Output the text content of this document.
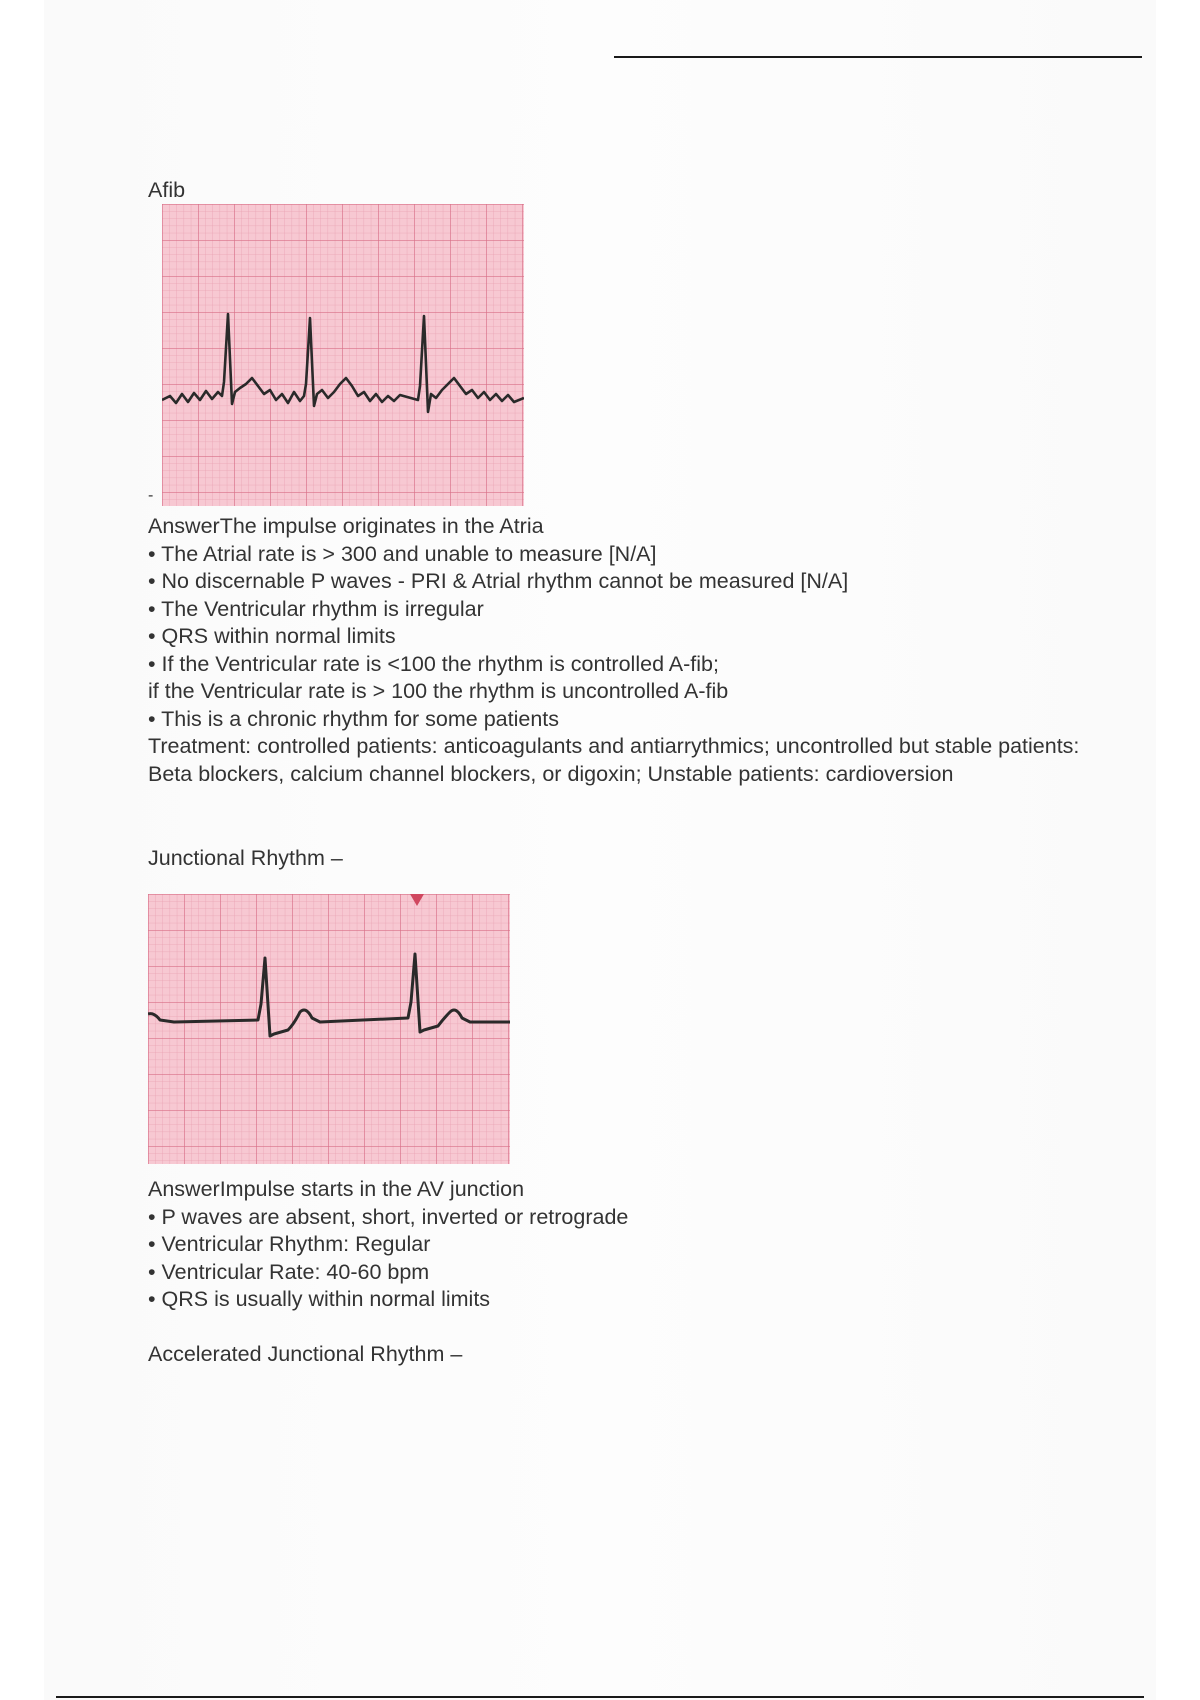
Afib
-
AnswerThe impulse originates in the Atria
• The Atrial rate is > 300 and unable to measure [N/A]
• No discernable P waves - PRI & Atrial rhythm cannot be measured [N/A]
• The Ventricular rhythm is irregular
• QRS within normal limits
• If the Ventricular rate is <100 the rhythm is controlled A-fib;
if the Ventricular rate is > 100 the rhythm is uncontrolled A-fib
• This is a chronic rhythm for some patients
Treatment: controlled patients: anticoagulants and antiarrythmics; uncontrolled but stable patients: Beta blockers, calcium channel blockers, or digoxin; Unstable patients: cardioversion
Junctional Rhythm –
AnswerImpulse starts in the AV junction
• P waves are absent, short, inverted or retrograde
• Ventricular Rhythm: Regular
• Ventricular Rate: 40-60 bpm
• QRS is usually within normal limits
Accelerated Junctional Rhythm –
